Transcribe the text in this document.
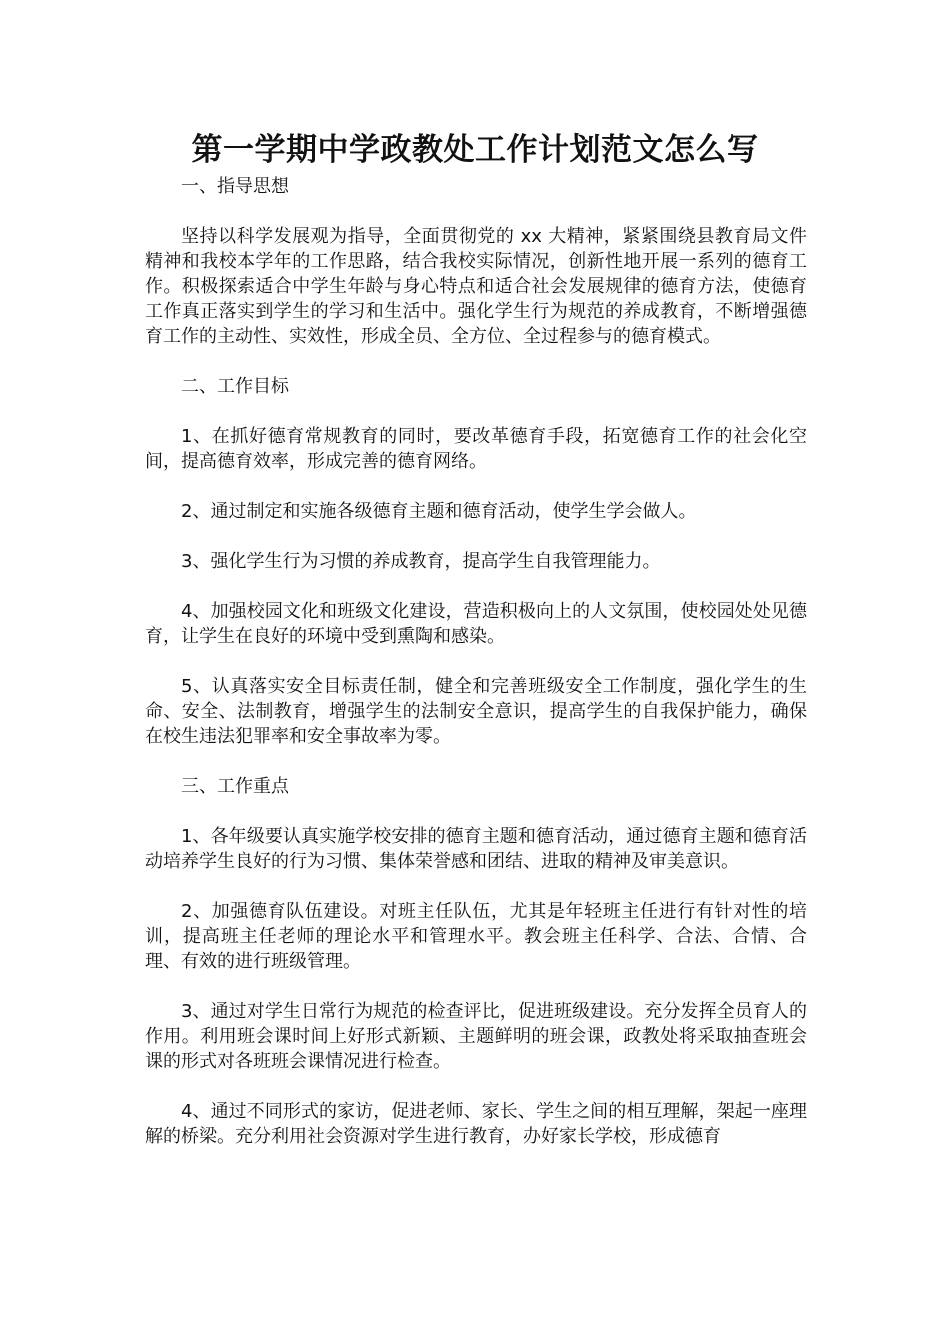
第一学期中学政教处工作计划范文怎么写

一、指导思想

坚持以科学发展观为指导，全面贯彻党的 xx 大精神，紧紧围绕县教育局文件精神和我校本学年的工作思路，结合我校实际情况，创新性地开展一系列的德育工作。积极探索适合中学生年龄与身心特点和适合社会发展规律的德育方法，使德育工作真正落实到学生的学习和生活中。强化学生行为规范的养成教育，不断增强德育工作的主动性、实效性，形成全员、全方位、全过程参与的德育模式。

二、工作目标

1、在抓好德育常规教育的同时，要改革德育手段，拓宽德育工作的社会化空间，提高德育效率，形成完善的德育网络。

2、通过制定和实施各级德育主题和德育活动，使学生学会做人。

3、强化学生行为习惯的养成教育，提高学生自我管理能力。

4、加强校园文化和班级文化建设，营造积极向上的人文氛围，使校园处处见德育，让学生在良好的环境中受到熏陶和感染。

5、认真落实安全目标责任制，健全和完善班级安全工作制度，强化学生的生命、安全、法制教育，增强学生的法制安全意识，提高学生的自我保护能力，确保在校生违法犯罪率和安全事故率为零。

三、工作重点

1、各年级要认真实施学校安排的德育主题和德育活动，通过德育主题和德育活动培养学生良好的行为习惯、集体荣誉感和团结、进取的精神及审美意识。

2、加强德育队伍建设。对班主任队伍，尤其是年轻班主任进行有针对性的培训，提高班主任老师的理论水平和管理水平。教会班主任科学、合法、合情、合理、有效的进行班级管理。

3、通过对学生日常行为规范的检查评比，促进班级建设。充分发挥全员育人的作用。利用班会课时间上好形式新颖、主题鲜明的班会课，政教处将采取抽查班会课的形式对各班班会课情况进行检查。

4、通过不同形式的家访，促进老师、家长、学生之间的相互理解，架起一座理解的桥梁。充分利用社会资源对学生进行教育，办好家长学校，形成德育
